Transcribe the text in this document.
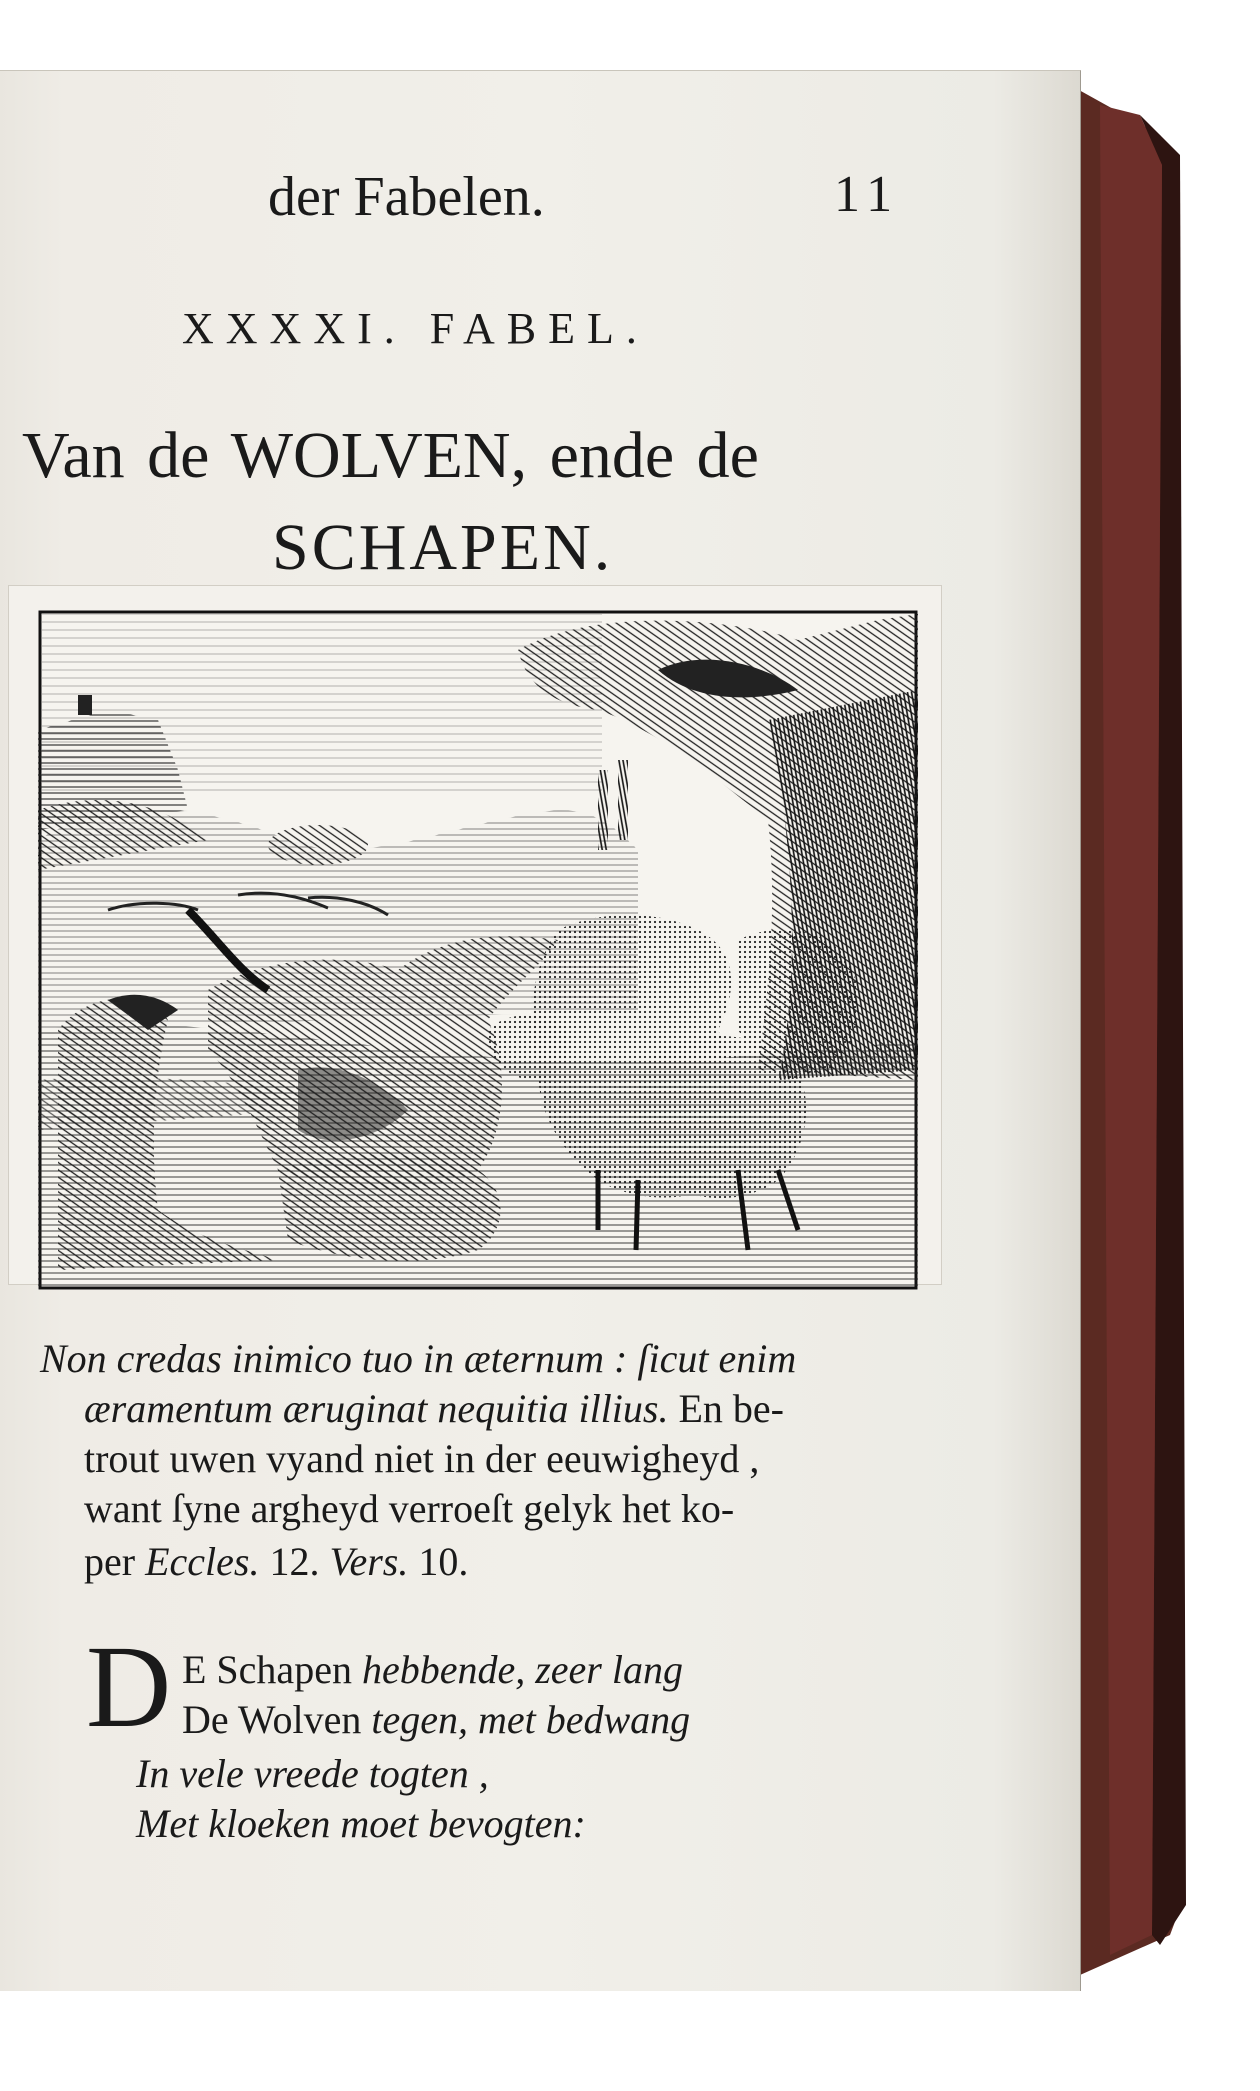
der Fabelen.	11
XXXXI. FABEL.
Van de WOLVEN, ende de
SCHAPEN.
Non credas inimico tuo in æternum : ſicut enim
æramentum æruginat nequitia illius. En be-
trout uwen vyand niet in der eeuwigheyd ,
want ſyne argheyd verroeſt gelyk het ko-
per Eccles. 12. Vers. 10.
D E Schapen hebbende, zeer lang
De Wolven tegen, met bedwang
In vele vreede togten ,
Met kloeken moet bevogten:
